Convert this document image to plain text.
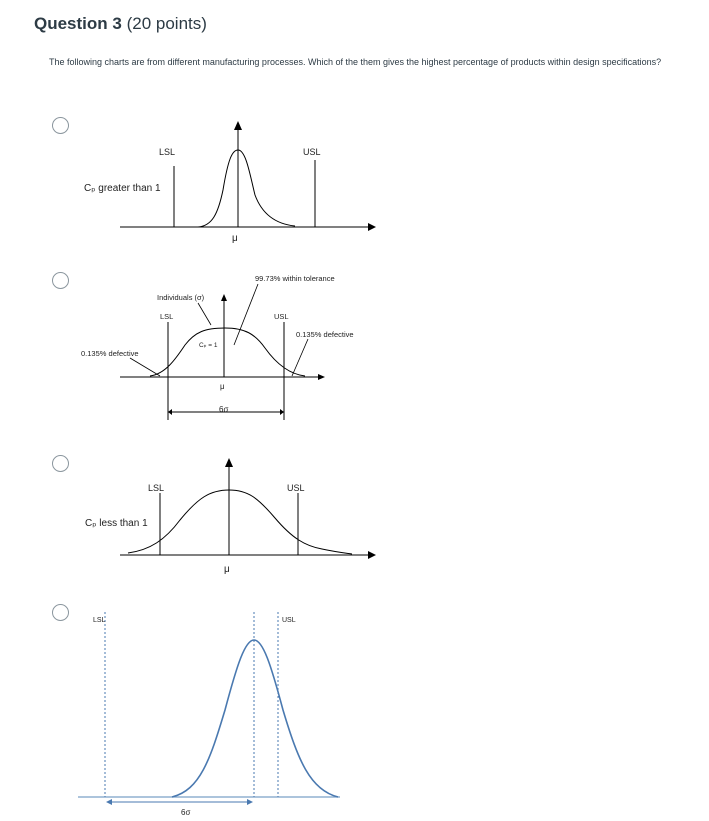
Question 3 (20 points)
The following charts are from different manufacturing processes. Which of the them gives the highest percentage of products within design specifications?
LSL	USL
Cₚ greater than 1
μ
99.73% within tolerance
Individuals (σ)
LSL	USL
Cₚ = 1
0.135% defective
0.135% defective
μ
6σ
LSL	USL
Cₚ less than 1
μ
LSL	USL
6σ
